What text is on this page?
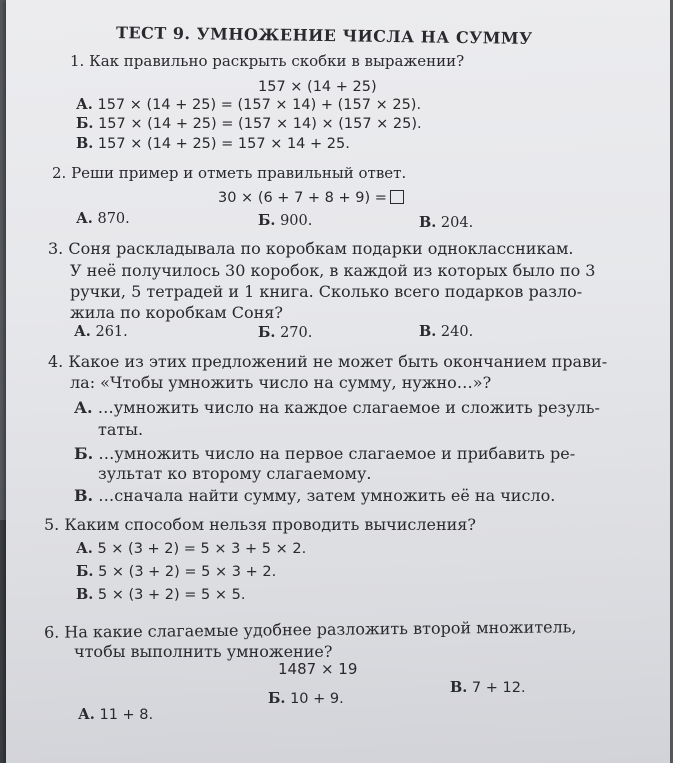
ТЕСТ 9. УМНОЖЕНИЕ ЧИСЛА НА СУММУ
1. Как правильно раскрыть скобки в выражении?
157 × (14 + 25)
А. 157 × (14 + 25) = (157 × 14) + (157 × 25).
Б. 157 × (14 + 25) = (157 × 14) × (157 × 25).
В. 157 × (14 + 25) = 157 × 14 + 25.
2. Реши пример и отметь правильный ответ.
30 × (6 + 7 + 8 + 9) =
А. 870.	Б. 900.	В. 204.
3. Соня раскладывала по коробкам подарки одноклассникам.
У неё получилось 30 коробок, в каждой из которых было по 3
ручки, 5 тетрадей и 1 книга. Сколько всего подарков разло-
жила по коробкам Соня?
А. 261.	Б. 270.	В. 240.
4. Какое из этих предложений не может быть окончанием прави-
ла: «Чтобы умножить число на сумму, нужно…»?
А. …умножить число на каждое слагаемое и сложить резуль-
таты.
Б. …умножить число на первое слагаемое и прибавить ре-
зультат ко второму слагаемому.
В. …сначала найти сумму, затем умножить её на число.
5. Каким способом нельзя проводить вычисления?
А. 5 × (3 + 2) = 5 × 3 + 5 × 2.
Б. 5 × (3 + 2) = 5 × 3 + 2.
В. 5 × (3 + 2) = 5 × 5.
6. На какие слагаемые удобнее разложить второй множитель,
чтобы выполнить умножение?
1487 × 19
А. 11 + 8.
Б. 10 + 9.
В. 7 + 12.
